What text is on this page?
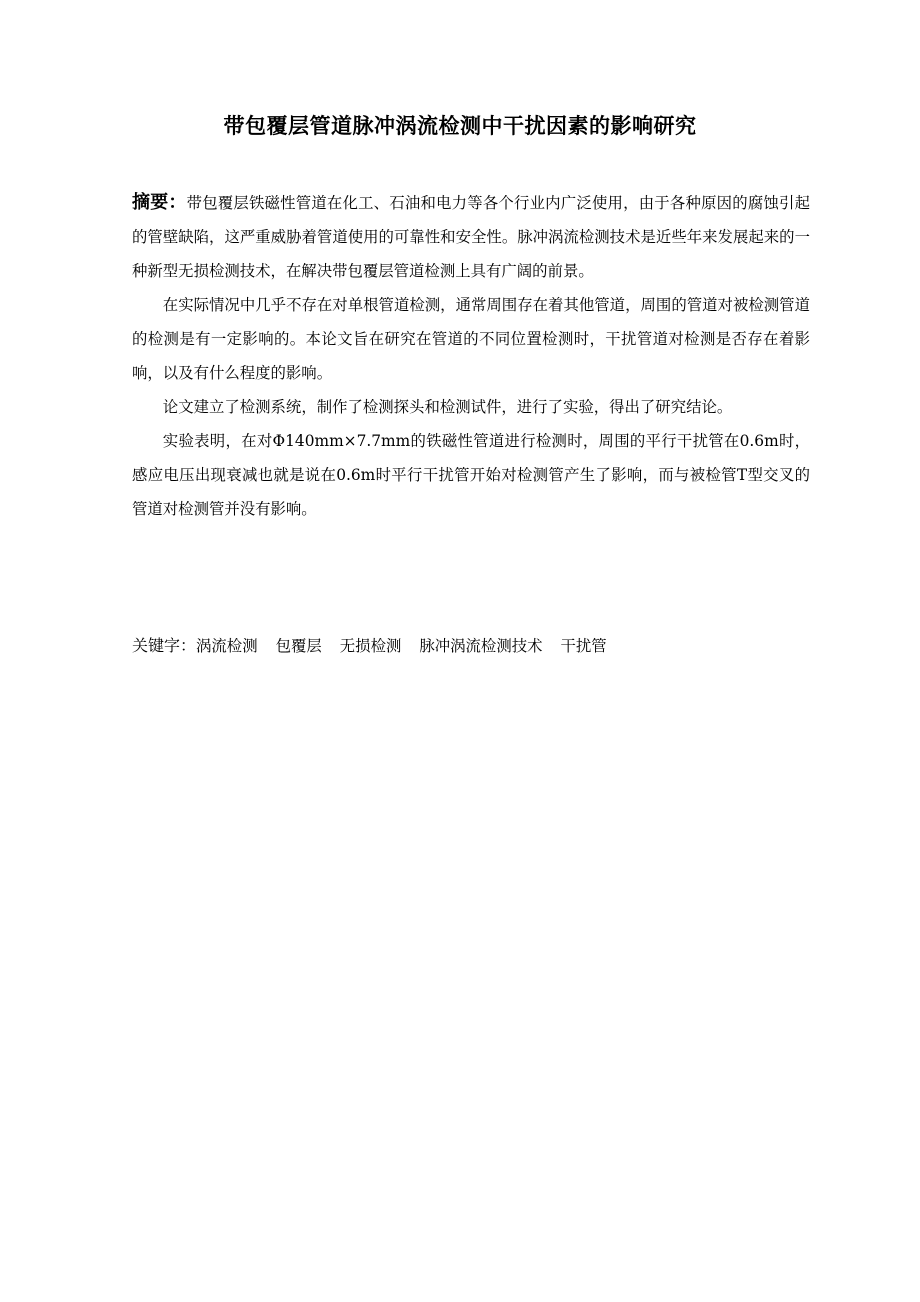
带包覆层管道脉冲涡流检测中干扰因素的影响研究

摘要：带包覆层铁磁性管道在化工、石油和电力等各个行业内广泛使用，由于各种原因的腐蚀引起的管壁缺陷，这严重威胁着管道使用的可靠性和安全性。脉冲涡流检测技术是近些年来发展起来的一种新型无损检测技术，在解决带包覆层管道检测上具有广阔的前景。

在实际情况中几乎不存在对单根管道检测，通常周围存在着其他管道，周围的管道对被检测管道的检测是有一定影响的。本论文旨在研究在管道的不同位置检测时，干扰管道对检测是否存在着影响，以及有什么程度的影响。

论文建立了检测系统，制作了检测探头和检测试件，进行了实验，得出了研究结论。

实验表明，在对Φ140mm×7.7mm的铁磁性管道进行检测时，周围的平行干扰管在0.6m时，感应电压出现衰减也就是说在0.6m时平行干扰管开始对检测管产生了影响，而与被检管T型交叉的管道对检测管并没有影响。

关键字：涡流检测 包覆层 无损检测 脉冲涡流检测技术 干扰管
